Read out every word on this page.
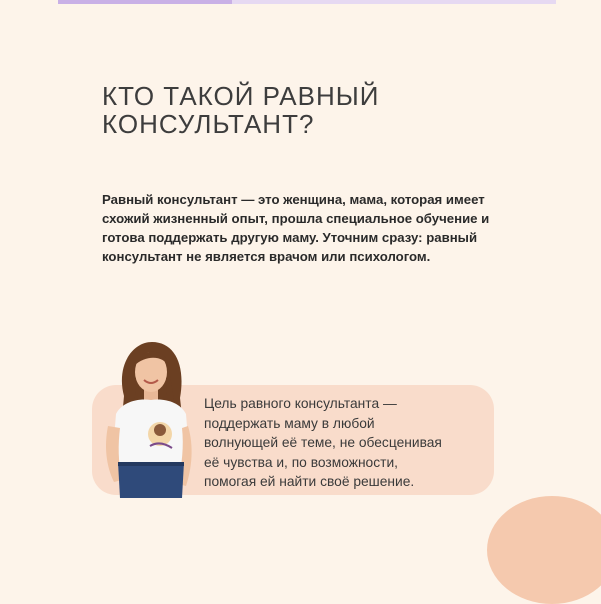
КТО ТАКОЙ РАВНЫЙ
КОНСУЛЬТАНТ?

Равный консультант — это женщина, мама, которая имеет схожий жизненный опыт, прошла специальное обучение и готова поддержать другую маму. Уточним сразу: равный консультант не является врачом или психологом.

Цель равного консультанта —
поддержать маму в любой
волнующей её теме, не обесценивая
её чувства и, по возможности,
помогая ей найти своё решение.
